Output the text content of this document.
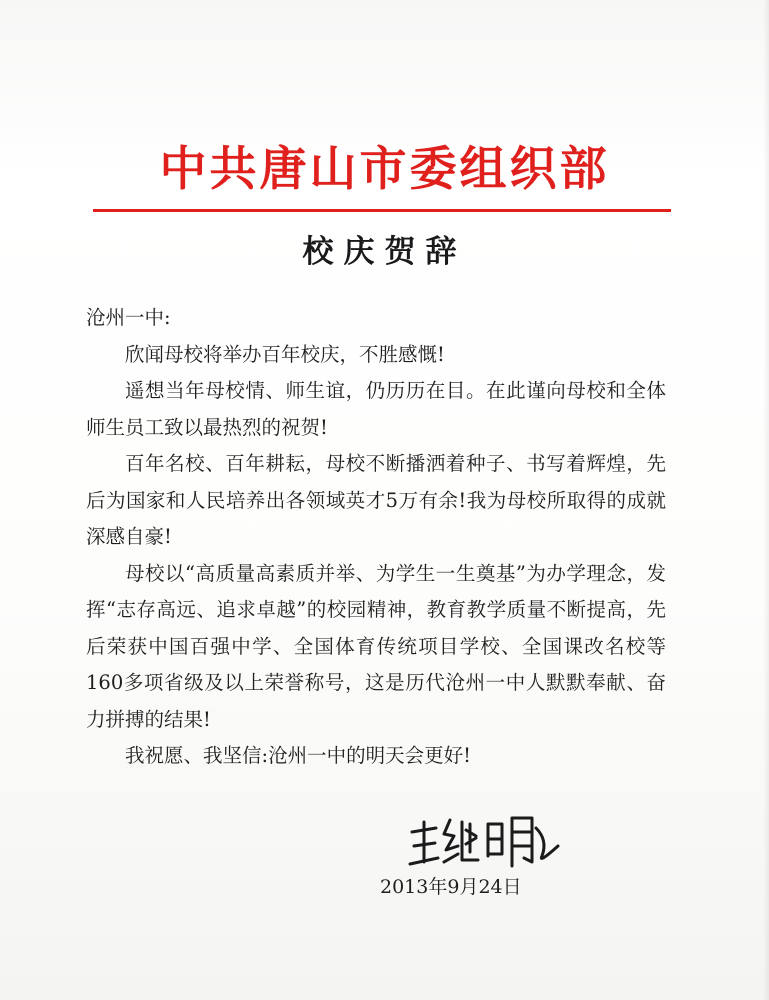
中共唐山市委组织部
校庆贺辞

沧州一中:

欣闻母校将举办百年校庆，不胜感慨!

遥想当年母校情、师生谊，仍历历在目。在此谨向母校和全体师生员工致以最热烈的祝贺!

百年名校、百年耕耘，母校不断播洒着种子、书写着辉煌，先后为国家和人民培养出各领域英才5万有余!我为母校所取得的成就深感自豪!

母校以“高质量高素质并举、为学生一生奠基”为办学理念，发挥“志存高远、追求卓越”的校园精神，教育教学质量不断提高，先后荣获中国百强中学、全国体育传统项目学校、全国课改名校等160多项省级及以上荣誉称号，这是历代沧州一中人默默奉献、奋力拼搏的结果!

我祝愿、我坚信:沧州一中的明天会更好!

2013年9月24日
